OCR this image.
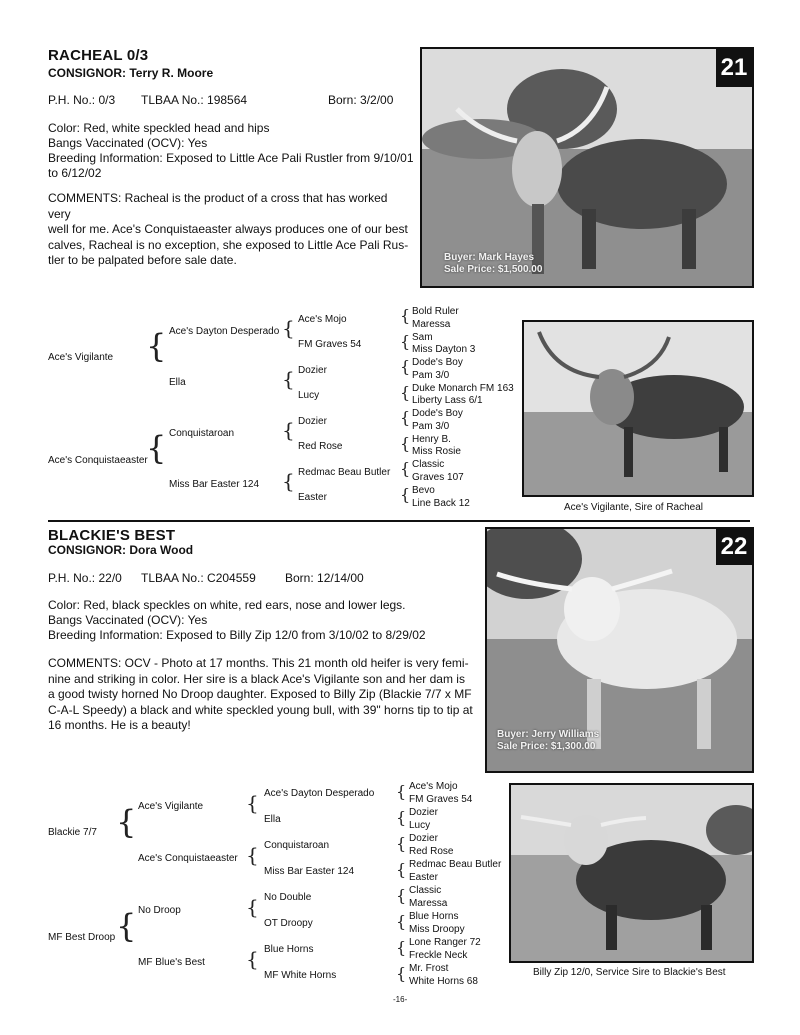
RACHEAL 0/3
CONSIGNOR: Terry R. Moore
P.H. No.: 0/3 TLBAA No.: 198564	Born: 3/2/00
Color: Red, white speckled head and hips
Bangs Vaccinated (OCV): Yes
Breeding Information: Exposed to Little Ace Pali Rustler from 9/10/01
to 6/12/02
COMMENTS: Racheal is the product of a cross that has worked very
well for me. Ace's Conquistaeaster always produces one of our best
calves, Racheal is no exception, she exposed to Little Ace Pali Rus-
tler to be palpated before sale date.
21
Buyer: Mark Hayes
Sale Price: $1,500.00
Ace's Vigilante
Ace's Conquistaeaster
{
{
Ace's Dayton Desperado
Ella
Conquistaroan
Miss Bar Easter 124
{
{
{
{
Ace's Mojo
FM Graves 54
Dozier
Lucy
Dozier
Red Rose
Redmac Beau Butler
Easter
{
{
{
{
{
{
{
{
Bold Ruler
Maressa
Sam
Miss Dayton 3
Dode's Boy
Pam 3/0
Duke Monarch FM 163
Liberty Lass 6/1
Dode's Boy
Pam 3/0
Henry B.
Miss Rosie
Classic
Graves 107
Bevo
Line Back 12	Ace's Vigilante, Sire of Racheal
BLACKIE'S BEST
CONSIGNOR: Dora Wood
P.H. No.: 22/0 TLBAA No.: C204559 Born: 12/14/00
Color: Red, black speckles on white, red ears, nose and lower legs.
Bangs Vaccinated (OCV): Yes
Breeding Information: Exposed to Billy Zip 12/0 from 3/10/02 to 8/29/02
COMMENTS: OCV - Photo at 17 months. This 21 month old heifer is very femi-
nine and striking in color. Her sire is a black Ace's Vigilante son and her dam is
a good twisty horned No Droop daughter. Exposed to Billy Zip (Blackie 7/7 x MF
C-A-L Speedy) a black and white speckled young bull, with 39" horns tip to tip at
16 months. He is a beauty!
22
Buyer: Jerry Williams
Sale Price: $1,300.00
Blackie 7/7
MF Best Droop
{
{
Ace's Vigilante
Ace's Conquistaeaster
No Droop
MF Blue's Best
{
{
{
{
Ace's Dayton Desperado
Ella
Conquistaroan
Miss Bar Easter 124
No Double
OT Droopy
Blue Horns
MF White Horns
{
{
{
{
{
{
{
{
Ace's Mojo
FM Graves 54
Dozier
Lucy
Dozier
Red Rose
Redmac Beau Butler
Easter
Classic
Maressa
Blue Horns
Miss Droopy
Lone Ranger 72
Freckle Neck
Mr. Frost
White Horns 68
Billy Zip 12/0, Service Sire to Blackie's Best
-16-
